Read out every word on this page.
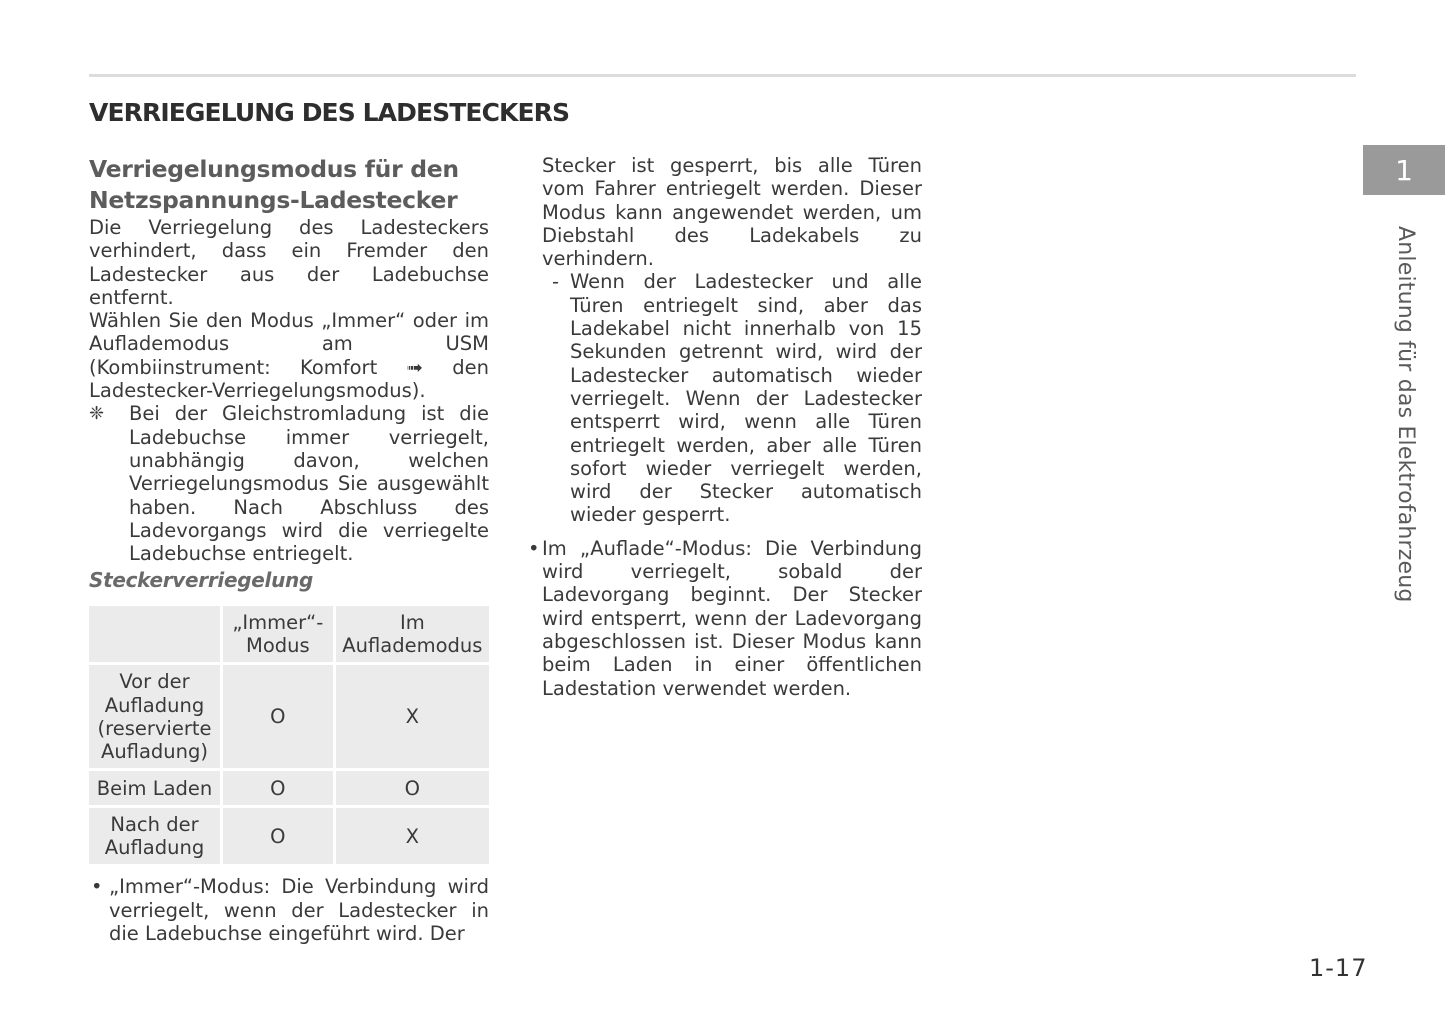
VERRIEGELUNG DES LADESTECKERS
Verriegelungsmodus für den
Netzspannungs-Ladestecker

Die Verriegelung des Ladesteckers verhindert, dass ein Fremder den Ladestecker aus der Ladebuchse entfernt.

Wählen Sie den Modus „Immer“ oder im Auflademodus am USM (Kombiinstrument: Komfort ➟ den Ladestecker-Verriegelungsmodus).

❈	Bei der Gleichstromladung ist die Ladebuchse immer verriegelt, unabhängig davon, welchen Verriegelungsmodus Sie ausgewählt haben. Nach Abschluss des Ladevorgangs wird die verriegelte Ladebuchse entriegelt.

Steckerverriegelung

	„Immer“-Modus	Im Auflademodus
Vor der Aufladung (reservierte Aufladung)	O	X
Beim Laden	O	O
Nach der Aufladung	O	X
• „Immer“-Modus: Die Verbindung wird verriegelt, wenn der Ladestecker in die Ladebuchse eingeführt wird. Der

Stecker ist gesperrt, bis alle Türen vom Fahrer entriegelt werden. Dieser Modus kann angewendet werden, um Diebstahl des Ladekabels zu verhindern.

- Wenn der Ladestecker und alle Türen entriegelt sind, aber das Ladekabel nicht innerhalb von 15 Sekunden getrennt wird, wird der Ladestecker automatisch wieder verriegelt. Wenn der Ladestecker entsperrt wird, wenn alle Türen entriegelt werden, aber alle Türen sofort wieder verriegelt werden, wird der Stecker automatisch wieder gesperrt.
• Im „Auflade“-Modus: Die Verbindung wird verriegelt, sobald der Ladevorgang beginnt. Der Stecker wird entsperrt, wenn der Ladevorgang abgeschlossen ist. Dieser Modus kann beim Laden in einer öffentlichen Ladestation verwendet werden.
1
Anleitung für das Elektrofahrzeug
1-17
